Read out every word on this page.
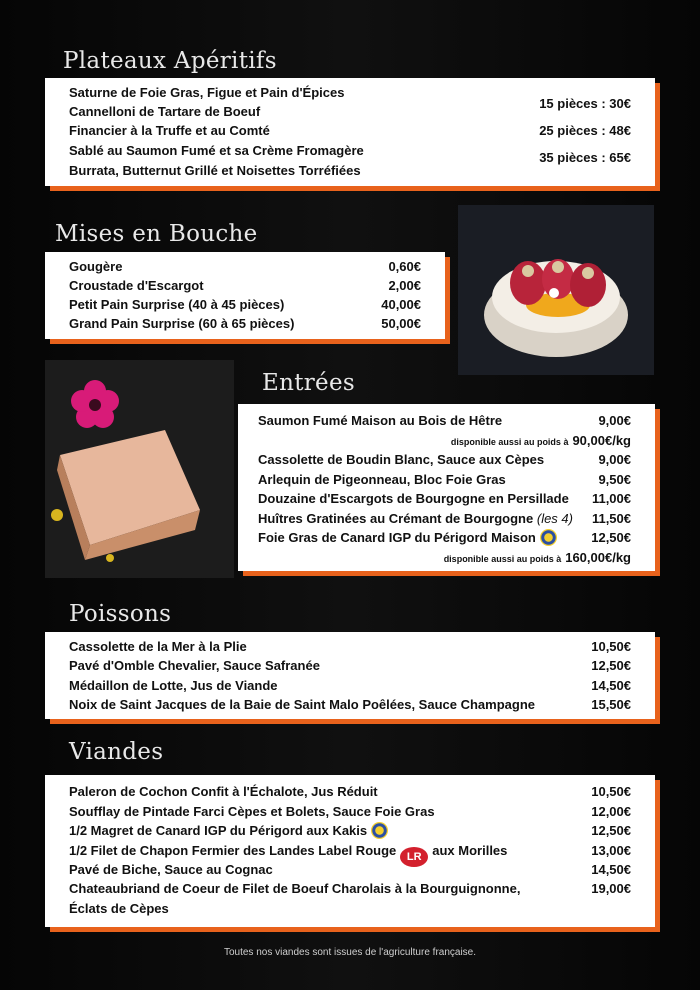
Plateaux Apéritifs
Saturne de Foie Gras, Figue et Pain d'Épices
Cannelloni de Tartare de Boeuf
Financier à la Truffe et au Comté
Sablé au Saumon Fumé et sa Crème Fromagère
Burrata, Butternut Grillé et Noisettes Torréfiées
15 pièces : 30€
25 pièces : 48€
35 pièces : 65€
Mises en Bouche
Gougère	0,60€
Croustade d'Escargot	2,00€
Petit Pain Surprise (40 à 45 pièces)	40,00€
Grand Pain Surprise (60 à 65 pièces)	50,00€
Entrées
Saumon Fumé Maison au Bois de Hêtre	9,00€
disponible aussi au poids à 90,00€/kg
Cassolette de Boudin Blanc, Sauce aux Cèpes	9,00€
Arlequin de Pigeonneau, Bloc Foie Gras	9,50€
Douzaine d'Escargots de Bourgogne en Persillade 11,00€
Huîtres Gratinées au Crémant de Bourgogne (les 4) 11,50€
Foie Gras de Canard IGP du Périgord Maison	12,50€
disponible aussi au poids à 160,00€/kg
Poissons
Cassolette de la Mer à la Plie	10,50€
Pavé d'Omble Chevalier, Sauce Safranée	12,50€
Médaillon de Lotte, Jus de Viande	14,50€
Noix de Saint Jacques de la Baie de Saint Malo Poêlées, Sauce Champagne	15,50€
Viandes
Paleron de Cochon Confit à l'Échalote, Jus Réduit	10,50€
Soufflay de Pintade Farci Cèpes et Bolets, Sauce Foie Gras	12,00€
1/2 Magret de Canard IGP du Périgord aux Kakis	12,50€
1/2 Filet de Chapon Fermier des Landes Label Rouge LR aux Morilles	13,00€
Pavé de Biche, Sauce au Cognac	14,50€
Chateaubriand de Coeur de Filet de Boeuf Charolais à la Bourguignonne,	19,00€
Éclats de Cèpes
Toutes nos viandes sont issues de l'agriculture française.
